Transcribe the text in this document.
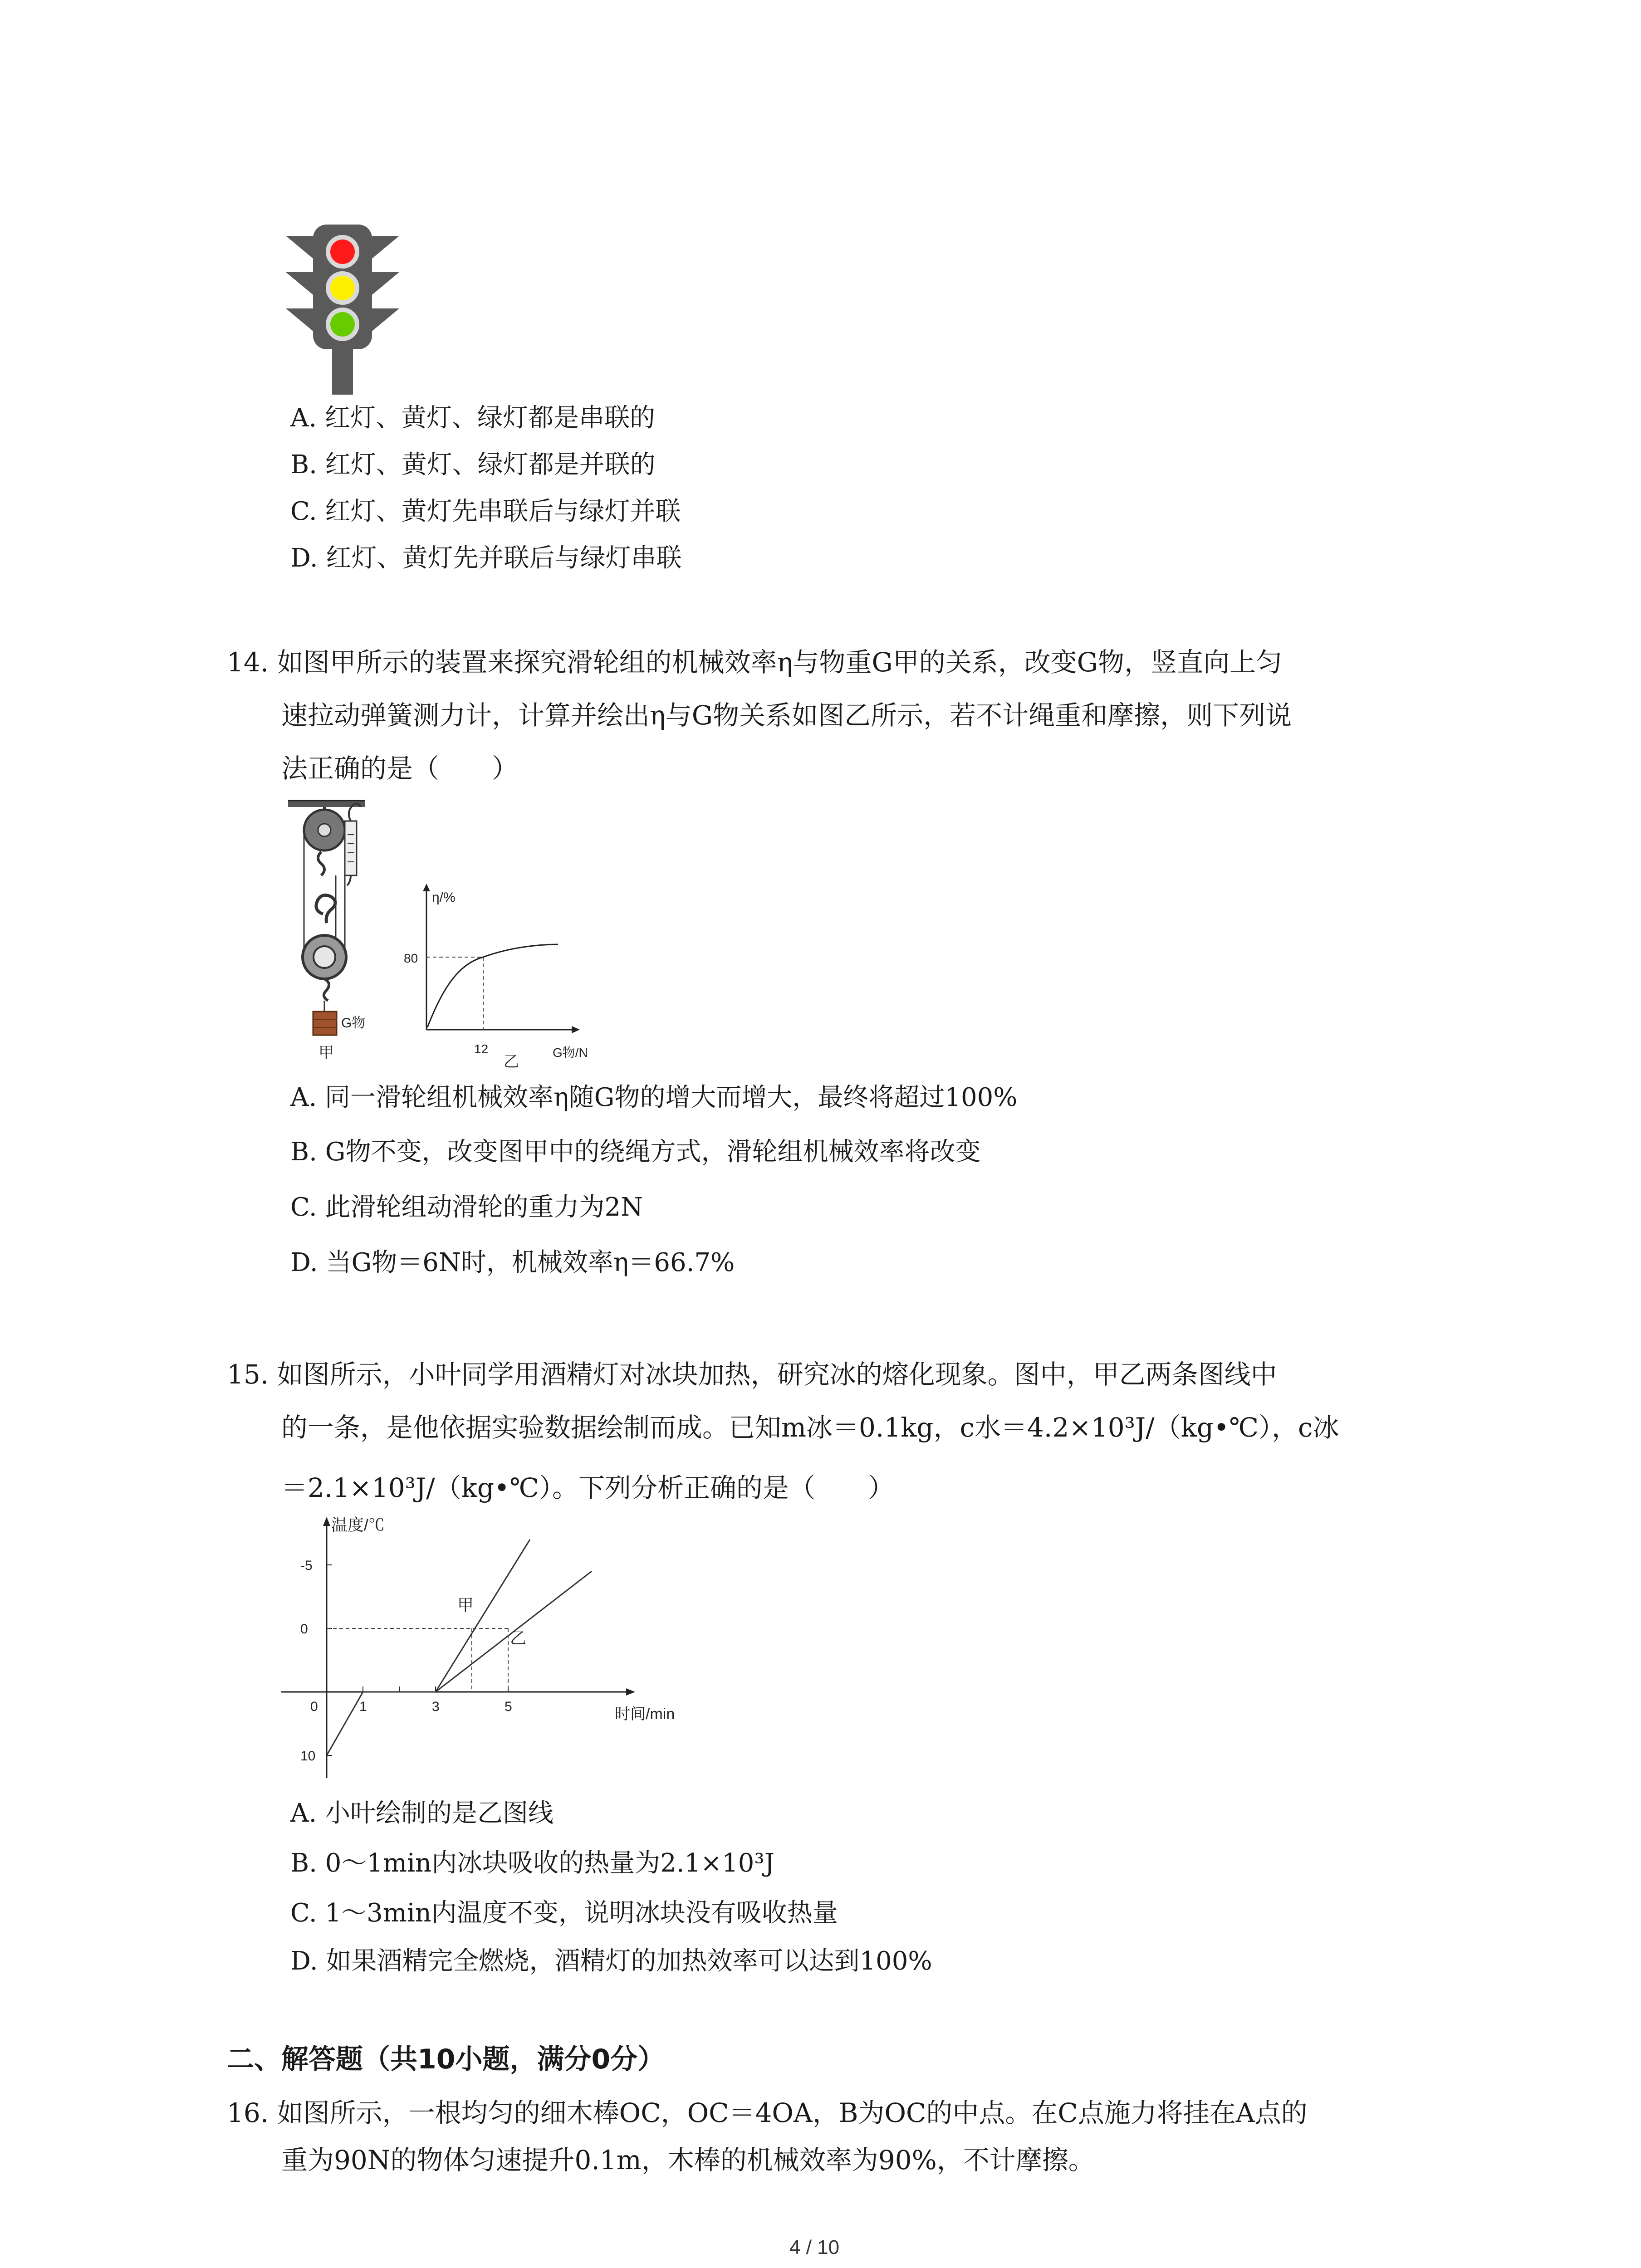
A. 红灯、黄灯、绿灯都是串联的
B. 红灯、黄灯、绿灯都是并联的
C. 红灯、黄灯先串联后与绿灯并联
D. 红灯、黄灯先并联后与绿灯串联
14. 如图甲所示的装置来探究滑轮组的机械效率η与物重G甲的关系，改变G物，竖直向上匀
速拉动弹簧测力计，计算并绘出η与G物关系如图乙所示，若不计绳重和摩擦，则下列说
法正确的是（　　）
G物
甲
η/%
G物/N
80
12
乙
A. 同一滑轮组机械效率η随G物的增大而增大，最终将超过100%
B. G物不变，改变图甲中的绕绳方式，滑轮组机械效率将改变
C. 此滑轮组动滑轮的重力为2N
D. 当G物＝6N时，机械效率η＝66.7%
15. 如图所示，小叶同学用酒精灯对冰块加热，研究冰的熔化现象。图中，甲乙两条图线中
的一条，是他依据实验数据绘制而成。已知m冰＝0.1kg，c水＝4.2×10³J/（kg•℃），c冰
＝2.1×10³J/（kg•℃）。下列分析正确的是（　　）
温度/℃
时间/min
10
0
-5
1	3	5
甲
乙
0
A. 小叶绘制的是乙图线
B. 0～1min内冰块吸收的热量为2.1×10³J
C. 1～3min内温度不变，说明冰块没有吸收热量
D. 如果酒精完全燃烧，酒精灯的加热效率可以达到100%
二、解答题（共10小题，满分0分）
16. 如图所示，一根均匀的细木棒OC，OC＝4OA，B为OC的中点。在C点施力将挂在A点的
重为90N的物体匀速提升0.1m，木棒的机械效率为90%，不计摩擦。
4 / 10
